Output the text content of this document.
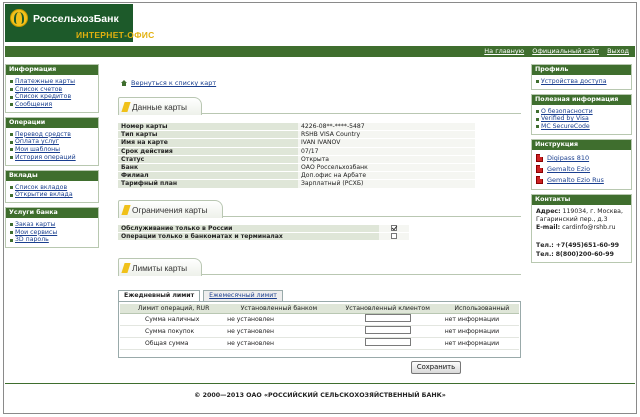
РоссельхозБанк
ИНТЕРНЕТ-ОФИС
На главную Официальный сайт Выход
Информация
Платежные карты
Список счетов
Список кредитов
Сообщения
Операции
Перевод средств
Оплата услуг
Мои шаблоны
История операций
Вклады
Список вкладов
Открытие вклада
Услуги банка
Заказ карты
Мои сервисы
3D пароль
Профиль
Устройства доступа
Полезная информация
О безопасности
Verified by Visa
MC SecureCode
Инструкция
Digipass 810
Gemalto Ezio
Gemalto Ezio Rus
Контакты
Адрес: 119034, г. Москва, Гагаринский пер., д.3
E-mail: cardinfo@rshb.ru
Тел.: +7(495)651-60-99
Тел.: 8(800)200-60-99
Вернуться к списку карт
Данные карты
Номер карты	4226-08**-****-5487
Тип карты	RSHB VISA Country
Имя на карте	IVAN IVANOV
Срок действия	07/17
Статус	Открыта
Банк	ОАО Россельхозбанк
Филиал	Доп.офис на Арбате
Тарифный план	Зарплатный (РСХБ)
Ограничения карты
Обслуживание только в России	
Операции только в банкоматах и терминалах	
Лимиты карты
Ежедневный лимит	Ежемесячный лимит
Лимит операций, RUR	Установленный банком	Установленный клиентом	Использованный
Сумма наличных	не установлен		нет информации
Сумма покупок	не установлен		нет информации
Общая сумма	не установлен		нет информации
Сохранить
© 2000—2013 ОАО «РОССИЙСКИЙ СЕЛЬСКОХОЗЯЙСТВЕННЫЙ БАНК»
